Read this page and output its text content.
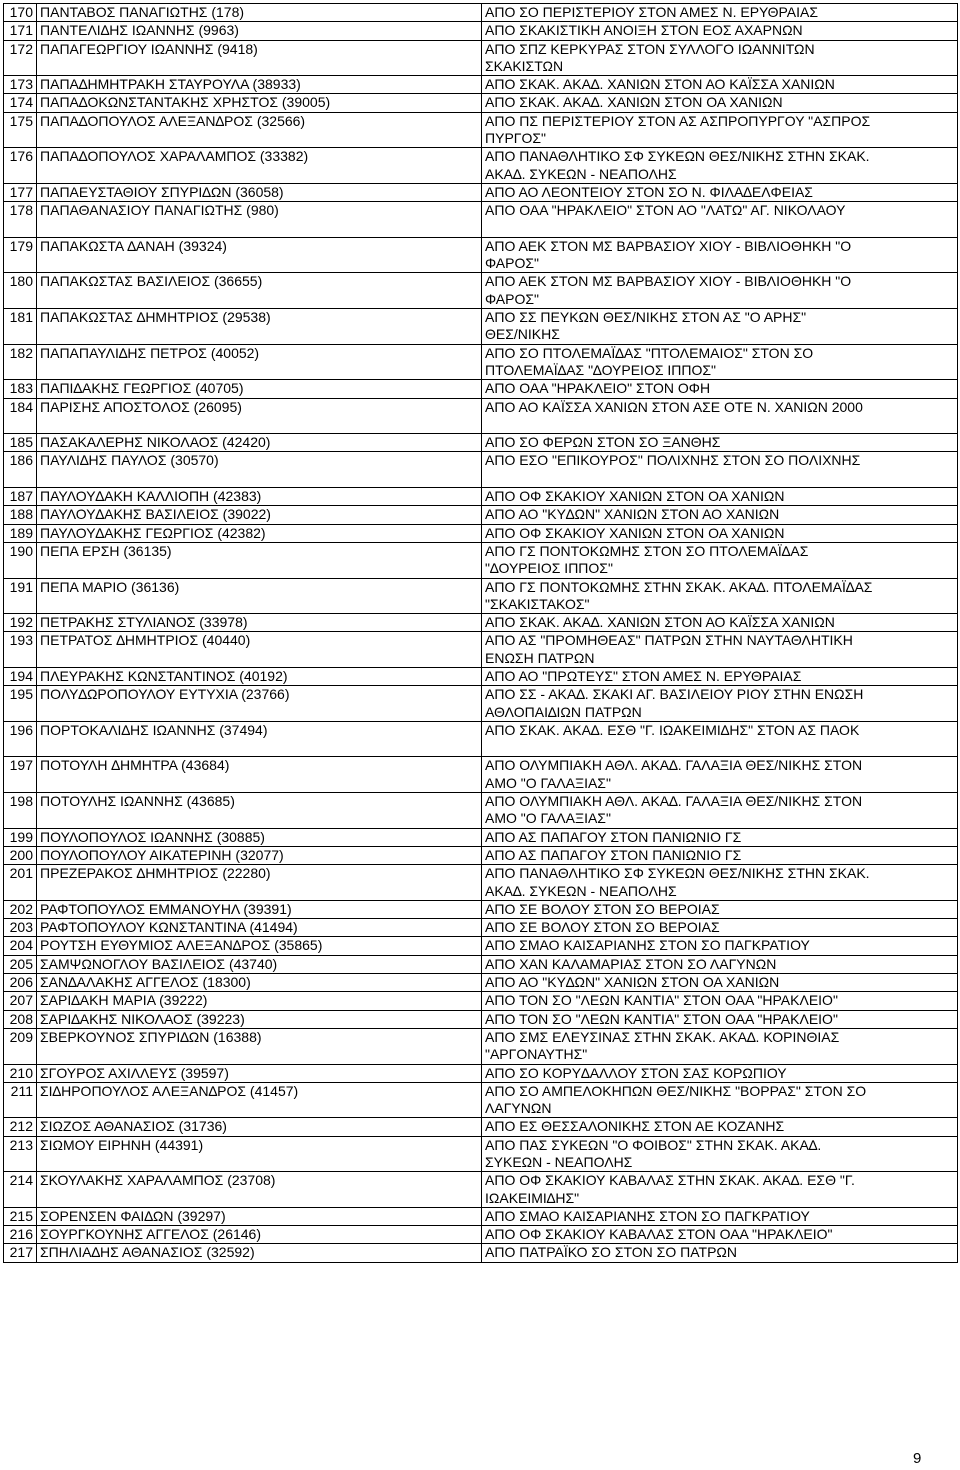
170	ΠΑΝΤΑΒΟΣ ΠΑΝΑΓΙΩΤΗΣ (178)	ΑΠΟ ΣΟ ΠΕΡΙΣΤΕΡΙΟΥ ΣΤΟΝ ΑΜΕΣ Ν. ΕΡΥΘΡΑΙΑΣ
171	ΠΑΝΤΕΛΙ∆ΗΣ ΙΩΑΝΝΗΣ (9963)	ΑΠΟ ΣΚΑΚΙΣΤΙΚΗ ΑΝΟΙΞΗ ΣΤΟΝ ΕΟΣ ΑΧΑΡΝΩΝ
172	ΠΑΠΑΓΕΩΡΓΙΟΥ ΙΩΑΝΝΗΣ (9418)	ΑΠΟ ΣΠΖ ΚΕΡΚΥΡΑΣ ΣΤΟΝ ΣΥΛΛΟΓΟ ΙΩΑΝΝΙΤΩΝ
ΣΚΑΚΙΣΤΩΝ
173	ΠΑΠΑ∆ΗΜΗΤΡΑΚΗ ΣΤΑΥΡΟΥΛΑ (38933)	ΑΠΟ ΣΚΑΚ. ΑΚΑ∆. ΧΑΝΙΩΝ ΣΤΟΝ ΑΟ ΚΑΪΣΣΑ ΧΑΝΙΩΝ
174	ΠΑΠΑ∆ΟΚΩΝΣΤΑΝΤΑΚΗΣ ΧΡΗΣΤΟΣ (39005)	ΑΠΟ ΣΚΑΚ. ΑΚΑ∆. ΧΑΝΙΩΝ ΣΤΟΝ ΟΑ ΧΑΝΙΩΝ
175	ΠΑΠΑ∆ΟΠΟΥΛΟΣ ΑΛΕΞΑΝ∆ΡΟΣ (32566)	ΑΠΟ ΠΣ ΠΕΡΙΣΤΕΡΙΟΥ ΣΤΟΝ ΑΣ ΑΣΠΡΟΠΥΡΓΟΥ "ΑΣΠΡΟΣ
ΠΥΡΓΟΣ"
176	ΠΑΠΑ∆ΟΠΟΥΛΟΣ ΧΑΡΑΛΑΜΠΟΣ (33382)	ΑΠΟ ΠΑΝΑΘΛΗΤΙΚΟ ΣΦ ΣΥΚΕΩΝ ΘΕΣ/ΝΙΚΗΣ ΣΤΗΝ ΣΚΑΚ.
ΑΚΑ∆. ΣΥΚΕΩΝ - ΝΕΑΠΟΛΗΣ
177	ΠΑΠΑΕΥΣΤΑΘΙΟΥ ΣΠΥΡΙ∆ΩΝ (36058)	ΑΠΟ ΑΟ ΛΕΟΝΤΕΙΟΥ ΣΤΟΝ ΣΟ Ν. ΦΙΛΑ∆ΕΛΦΕΙΑΣ
178	ΠΑΠΑΘΑΝΑΣΙΟΥ ΠΑΝΑΓΙΩΤΗΣ (980)	ΑΠΟ ΟΑΑ "ΗΡΑΚΛΕΙΟ" ΣΤΟΝ ΑΟ "ΛΑΤΩ" ΑΓ. ΝΙΚΟΛΑΟΥ
179	ΠΑΠΑΚΩΣΤΑ ∆ΑΝΑΗ (39324)	ΑΠΟ ΑΕΚ ΣΤΟΝ ΜΣ ΒΑΡΒΑΣΙΟΥ ΧΙΟΥ - ΒΙΒΛΙΟΘΗΚΗ "Ο
ΦΑΡΟΣ"
180	ΠΑΠΑΚΩΣΤΑΣ ΒΑΣΙΛΕΙΟΣ (36655)	ΑΠΟ ΑΕΚ ΣΤΟΝ ΜΣ ΒΑΡΒΑΣΙΟΥ ΧΙΟΥ - ΒΙΒΛΙΟΘΗΚΗ "Ο
ΦΑΡΟΣ"
181	ΠΑΠΑΚΩΣΤΑΣ ∆ΗΜΗΤΡΙΟΣ (29538)	ΑΠΟ ΣΣ ΠΕΥΚΩΝ ΘΕΣ/ΝΙΚΗΣ ΣΤΟΝ ΑΣ "Ο ΑΡΗΣ"
ΘΕΣ/ΝΙΚΗΣ
182	ΠΑΠΑΠΑΥΛΙ∆ΗΣ ΠΕΤΡΟΣ (40052)	ΑΠΟ ΣΟ ΠΤΟΛΕΜΑΪ∆ΑΣ "ΠΤΟΛΕΜΑΙΟΣ" ΣΤΟΝ ΣΟ
ΠΤΟΛΕΜΑΪ∆ΑΣ "∆ΟΥΡΕΙΟΣ ΙΠΠΟΣ"
183	ΠΑΠΙ∆ΑΚΗΣ ΓΕΩΡΓΙΟΣ (40705)	ΑΠΟ ΟΑΑ "ΗΡΑΚΛΕΙΟ" ΣΤΟΝ ΟΦΗ
184	ΠΑΡΙΣΗΣ ΑΠΟΣΤΟΛΟΣ (26095)	ΑΠΟ ΑΟ ΚΑΪΣΣΑ ΧΑΝΙΩΝ ΣΤΟΝ ΑΣΕ ΟΤΕ Ν. ΧΑΝΙΩΝ 2000
185	ΠΑΣΑΚΑΛΕΡΗΣ ΝΙΚΟΛΑΟΣ (42420)	ΑΠΟ ΣΟ ΦΕΡΩΝ ΣΤΟΝ ΣΟ ΞΑΝΘΗΣ
186	ΠΑΥΛΙ∆ΗΣ ΠΑΥΛΟΣ (30570)	ΑΠΟ ΕΣΟ "ΕΠΙΚΟΥΡΟΣ" ΠΟΛΙΧΝΗΣ ΣΤΟΝ ΣΟ ΠΟΛΙΧΝΗΣ
187	ΠΑΥΛΟΥ∆ΑΚΗ ΚΑΛΛΙΟΠΗ (42383)	ΑΠΟ ΟΦ ΣΚΑΚΙΟΥ ΧΑΝΙΩΝ ΣΤΟΝ ΟΑ ΧΑΝΙΩΝ
188	ΠΑΥΛΟΥ∆ΑΚΗΣ ΒΑΣΙΛΕΙΟΣ (39022)	ΑΠΟ ΑΟ "ΚΥ∆ΩΝ" ΧΑΝΙΩΝ ΣΤΟΝ ΑΟ ΧΑΝΙΩΝ
189	ΠΑΥΛΟΥ∆ΑΚΗΣ ΓΕΩΡΓΙΟΣ (42382)	ΑΠΟ ΟΦ ΣΚΑΚΙΟΥ ΧΑΝΙΩΝ ΣΤΟΝ ΟΑ ΧΑΝΙΩΝ
190	ΠΕΠΑ ΕΡΣΗ (36135)	ΑΠΟ ΓΣ ΠΟΝΤΟΚΩΜΗΣ ΣΤΟΝ ΣΟ ΠΤΟΛΕΜΑΪ∆ΑΣ
"∆ΟΥΡΕΙΟΣ ΙΠΠΟΣ"
191	ΠΕΠΑ ΜΑΡΙΟ (36136)	ΑΠΟ ΓΣ ΠΟΝΤΟΚΩΜΗΣ ΣΤΗΝ ΣΚΑΚ. ΑΚΑ∆. ΠΤΟΛΕΜΑΪ∆ΑΣ
"ΣΚΑΚΙΣΤΑΚΟΣ"
192	ΠΕΤΡΑΚΗΣ ΣΤΥΛΙΑΝΟΣ (33978)	ΑΠΟ ΣΚΑΚ. ΑΚΑ∆. ΧΑΝΙΩΝ ΣΤΟΝ ΑΟ ΚΑΪΣΣΑ ΧΑΝΙΩΝ
193	ΠΕΤΡΑΤΟΣ ∆ΗΜΗΤΡΙΟΣ (40440)	ΑΠΟ ΑΣ "ΠΡΟΜΗΘΕΑΣ" ΠΑΤΡΩΝ ΣΤΗΝ ΝΑΥΤΑΘΛΗΤΙΚΗ
ΕΝΩΣΗ ΠΑΤΡΩΝ
194	ΠΛΕΥΡΑΚΗΣ ΚΩΝΣΤΑΝΤΙΝΟΣ (40192)	ΑΠΟ ΑΟ "ΠΡΩΤΕΥΣ" ΣΤΟΝ ΑΜΕΣ Ν. ΕΡΥΘΡΑΙΑΣ
195	ΠΟΛΥ∆ΩΡΟΠΟΥΛΟΥ ΕΥΤΥΧΙΑ (23766)	ΑΠΟ ΣΣ - ΑΚΑ∆. ΣΚΑΚΙ ΑΓ. ΒΑΣΙΛΕΙΟΥ ΡΙΟΥ ΣΤΗΝ ΕΝΩΣΗ
ΑΘΛΟΠΑΙ∆ΙΩΝ ΠΑΤΡΩΝ
196	ΠΟΡΤΟΚΑΛΙ∆ΗΣ ΙΩΑΝΝΗΣ (37494)	ΑΠΟ ΣΚΑΚ. ΑΚΑ∆. ΕΣΘ "Γ. ΙΩΑΚΕΙΜΙ∆ΗΣ" ΣΤΟΝ ΑΣ ΠΑΟΚ
197	ΠΟΤΟΥΛΗ ∆ΗΜΗΤΡΑ (43684)	ΑΠΟ ΟΛΥΜΠΙΑΚΗ ΑΘΛ. ΑΚΑ∆. ΓΑΛΑΞΙΑ ΘΕΣ/ΝΙΚΗΣ ΣΤΟΝ
ΑΜΟ "Ο ΓΑΛΑΞΙΑΣ"
198	ΠΟΤΟΥΛΗΣ ΙΩΑΝΝΗΣ (43685)	ΑΠΟ ΟΛΥΜΠΙΑΚΗ ΑΘΛ. ΑΚΑ∆. ΓΑΛΑΞΙΑ ΘΕΣ/ΝΙΚΗΣ ΣΤΟΝ
ΑΜΟ "Ο ΓΑΛΑΞΙΑΣ"
199	ΠΟΥΛΟΠΟΥΛΟΣ ΙΩΑΝΝΗΣ (30885)	ΑΠΟ ΑΣ ΠΑΠΑΓΟΥ ΣΤΟΝ ΠΑΝΙΩΝΙΟ ΓΣ
200	ΠΟΥΛΟΠΟΥΛΟΥ ΑΙΚΑΤΕΡΙΝΗ (32077)	ΑΠΟ ΑΣ ΠΑΠΑΓΟΥ ΣΤΟΝ ΠΑΝΙΩΝΙΟ ΓΣ
201	ΠΡΕΖΕΡΑΚΟΣ ∆ΗΜΗΤΡΙΟΣ (22280)	ΑΠΟ ΠΑΝΑΘΛΗΤΙΚΟ ΣΦ ΣΥΚΕΩΝ ΘΕΣ/ΝΙΚΗΣ ΣΤΗΝ ΣΚΑΚ.
ΑΚΑ∆. ΣΥΚΕΩΝ - ΝΕΑΠΟΛΗΣ
202	ΡΑΦΤΟΠΟΥΛΟΣ ΕΜΜΑΝΟΥΗΛ (39391)	ΑΠΟ ΣΕ ΒΟΛΟΥ ΣΤΟΝ ΣΟ ΒΕΡΟΙΑΣ
203	ΡΑΦΤΟΠΟΥΛΟΥ ΚΩΝΣΤΑΝΤΙΝΑ (41494)	ΑΠΟ ΣΕ ΒΟΛΟΥ ΣΤΟΝ ΣΟ ΒΕΡΟΙΑΣ
204	ΡΟΥΤΣΗ ΕΥΘΥΜΙΟΣ ΑΛΕΞΑΝ∆ΡΟΣ (35865)	ΑΠΟ ΣΜΑΟ ΚΑΙΣΑΡΙΑΝΗΣ ΣΤΟΝ ΣΟ ΠΑΓΚΡΑΤΙΟΥ
205	ΣΑΜΨΩΝΟΓΛΟΥ ΒΑΣΙΛΕΙΟΣ (43740)	ΑΠΟ ΧΑΝ ΚΑΛΑΜΑΡΙΑΣ ΣΤΟΝ ΣΟ ΛΑΓΥΝΩΝ
206	ΣΑΝ∆ΑΛΑΚΗΣ ΑΓΓΕΛΟΣ (18300)	ΑΠΟ ΑΟ "ΚΥ∆ΩΝ" ΧΑΝΙΩΝ ΣΤΟΝ ΟΑ ΧΑΝΙΩΝ
207	ΣΑΡΙ∆ΑΚΗ ΜΑΡΙΑ (39222)	ΑΠΟ ΤΟΝ ΣΟ "ΛΕΩΝ ΚΑΝΤΙΑ" ΣΤΟΝ ΟΑΑ "ΗΡΑΚΛΕΙΟ"
208	ΣΑΡΙ∆ΑΚΗΣ ΝΙΚΟΛΑΟΣ (39223)	ΑΠΟ ΤΟΝ ΣΟ "ΛΕΩΝ ΚΑΝΤΙΑ" ΣΤΟΝ ΟΑΑ "ΗΡΑΚΛΕΙΟ"
209	ΣΒΕΡΚΟΥΝΟΣ ΣΠΥΡΙ∆ΩΝ (16388)	ΑΠΟ ΣΜΣ ΕΛΕΥΣΙΝΑΣ ΣΤΗΝ ΣΚΑΚ. ΑΚΑ∆. ΚΟΡΙΝΘΙΑΣ
"ΑΡΓΟΝΑΥΤΗΣ"
210	ΣΓΟΥΡΟΣ ΑΧΙΛΛΕΥΣ (39597)	ΑΠΟ ΣΟ ΚΟΡΥ∆ΑΛΛΟΥ ΣΤΟΝ ΣΑΣ ΚΟΡΩΠΙΟΥ
211	ΣΙ∆ΗΡΟΠΟΥΛΟΣ ΑΛΕΞΑΝ∆ΡΟΣ (41457)	ΑΠΟ ΣΟ ΑΜΠΕΛΟΚΗΠΩΝ ΘΕΣ/ΝΙΚΗΣ "ΒΟΡΡΑΣ" ΣΤΟΝ ΣΟ
ΛΑΓΥΝΩΝ
212	ΣΙΩΖΟΣ ΑΘΑΝΑΣΙΟΣ (31736)	ΑΠΟ ΕΣ ΘΕΣΣΑΛΟΝΙΚΗΣ ΣΤΟΝ ΑΕ ΚΟΖΑΝΗΣ
213	ΣΙΩΜΟΥ ΕΙΡΗΝΗ (44391)	ΑΠΟ ΠΑΣ ΣΥΚΕΩΝ "Ο ΦΟΙΒΟΣ" ΣΤΗΝ ΣΚΑΚ. ΑΚΑ∆.
ΣΥΚΕΩΝ - ΝΕΑΠΟΛΗΣ
214	ΣΚΟΥΛΑΚΗΣ ΧΑΡΑΛΑΜΠΟΣ (23708)	ΑΠΟ ΟΦ ΣΚΑΚΙΟΥ ΚΑΒΑΛΑΣ ΣΤΗΝ ΣΚΑΚ. ΑΚΑ∆. ΕΣΘ "Γ.
ΙΩΑΚΕΙΜΙ∆ΗΣ"
215	ΣΟΡΕΝΣΕΝ ΦΑΙ∆ΩΝ (39297)	ΑΠΟ ΣΜΑΟ ΚΑΙΣΑΡΙΑΝΗΣ ΣΤΟΝ ΣΟ ΠΑΓΚΡΑΤΙΟΥ
216	ΣΟΥΡΓΚΟΥΝΗΣ ΑΓΓΕΛΟΣ (26146)	ΑΠΟ ΟΦ ΣΚΑΚΙΟΥ ΚΑΒΑΛΑΣ ΣΤΟΝ ΟΑΑ "ΗΡΑΚΛΕΙΟ"
217	ΣΠΗΛΙΑ∆ΗΣ ΑΘΑΝΑΣΙΟΣ (32592)	ΑΠΟ ΠΑΤΡΑΪΚΟ ΣΟ ΣΤΟΝ ΣΟ ΠΑΤΡΩΝ
9
